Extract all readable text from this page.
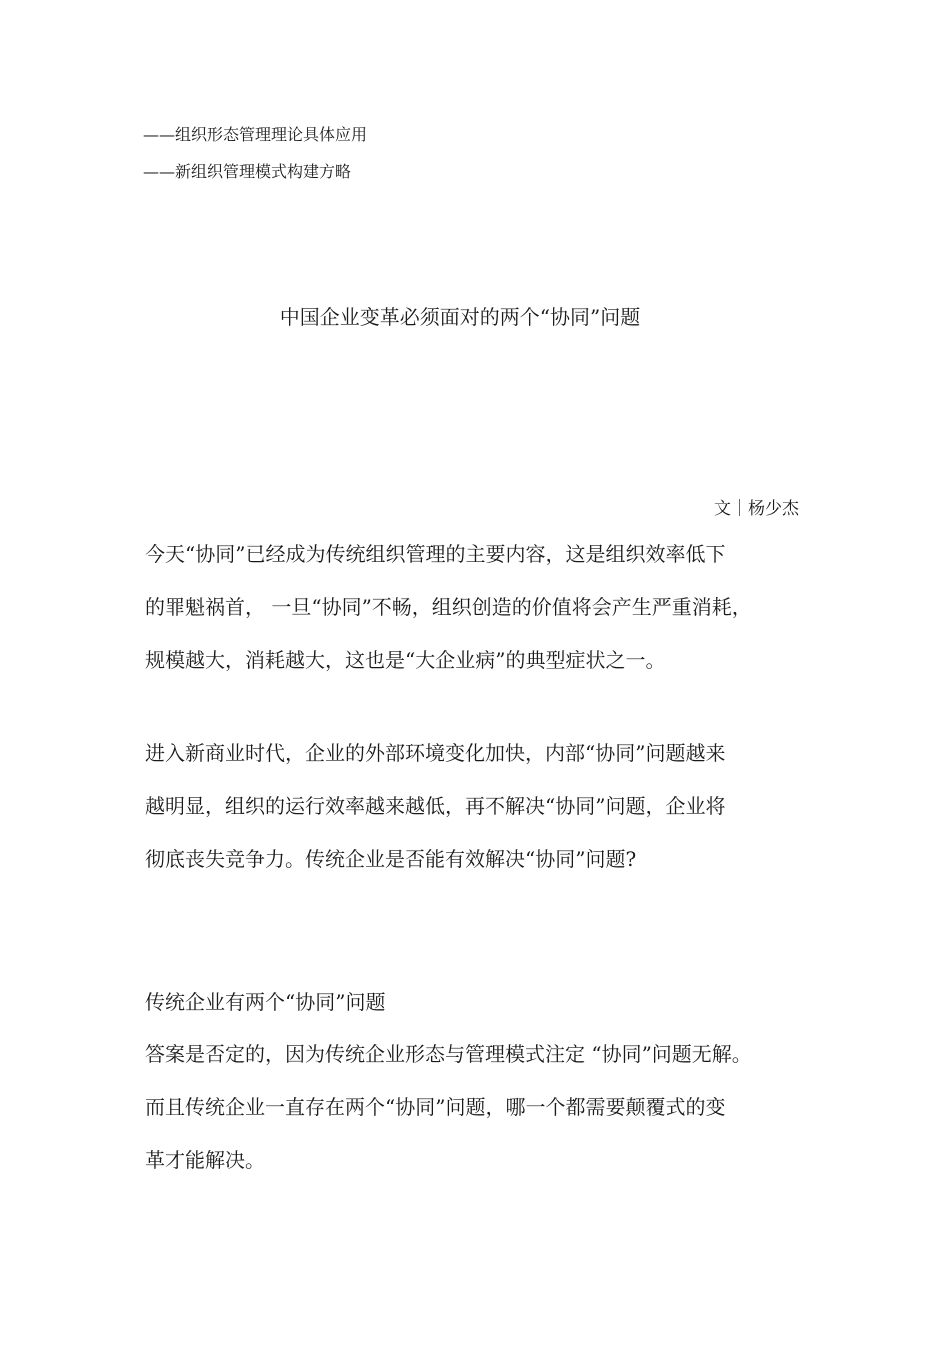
——组织形态管理理论具体应用
——新组织管理模式构建方略
中国企业变革必须面对的两个“协同”问题
文｜杨少杰
今天“协同”已经成为传统组织管理的主要内容，这是组织效率低下
的罪魁祸首， 一旦“协同”不畅，组织创造的价值将会产生严重消耗，
规模越大，消耗越大，这也是“大企业病”的典型症状之一。
进入新商业时代，企业的外部环境变化加快，内部“协同”问题越来
越明显，组织的运行效率越来越低，再不解决“协同”问题，企业将
彻底丧失竞争力。传统企业是否能有效解决“协同”问题?
传统企业有两个“协同”问题
答案是否定的，因为传统企业形态与管理模式注定 “协同”问题无解。
而且传统企业一直存在两个“协同”问题，哪一个都需要颠覆式的变
革才能解决。
